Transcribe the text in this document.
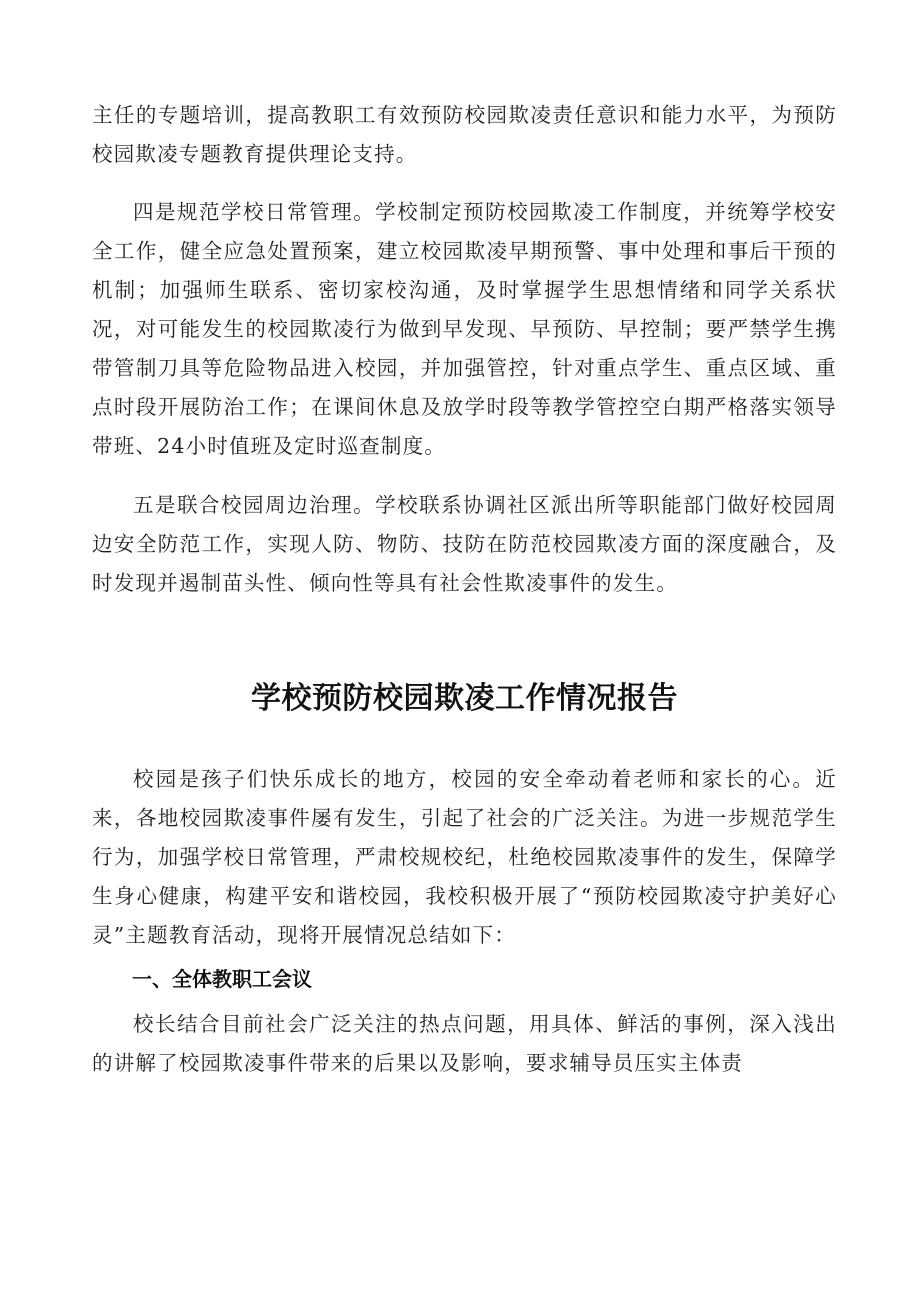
主任的专题培训，提高教职工有效预防校园欺凌责任意识和能力水平，为预防校园欺凌专题教育提供理论支持。

四是规范学校日常管理。学校制定预防校园欺凌工作制度，并统筹学校安全工作，健全应急处置预案，建立校园欺凌早期预警、事中处理和事后干预的机制；加强师生联系、密切家校沟通，及时掌握学生思想情绪和同学关系状况，对可能发生的校园欺凌行为做到早发现、早预防、早控制；要严禁学生携带管制刀具等危险物品进入校园，并加强管控，针对重点学生、重点区域、重点时段开展防治工作；在课间休息及放学时段等教学管控空白期严格落实领导带班、24小时值班及定时巡查制度。

五是联合校园周边治理。学校联系协调社区派出所等职能部门做好校园周边安全防范工作，实现人防、物防、技防在防范校园欺凌方面的深度融合，及时发现并遏制苗头性、倾向性等具有社会性欺凌事件的发生。

学校预防校园欺凌工作情况报告

校园是孩子们快乐成长的地方，校园的安全牵动着老师和家长的心。近来，各地校园欺凌事件屡有发生，引起了社会的广泛关注。为进一步规范学生行为，加强学校日常管理，严肃校规校纪，杜绝校园欺凌事件的发生，保障学生身心健康，构建平安和谐校园，我校积极开展了“预防校园欺凌守护美好心灵”主题教育活动，现将开展情况总结如下：

一、全体教职工会议

校长结合目前社会广泛关注的热点问题，用具体、鲜活的事例，深入浅出的讲解了校园欺凌事件带来的后果以及影响，要求辅导员压实主体责
